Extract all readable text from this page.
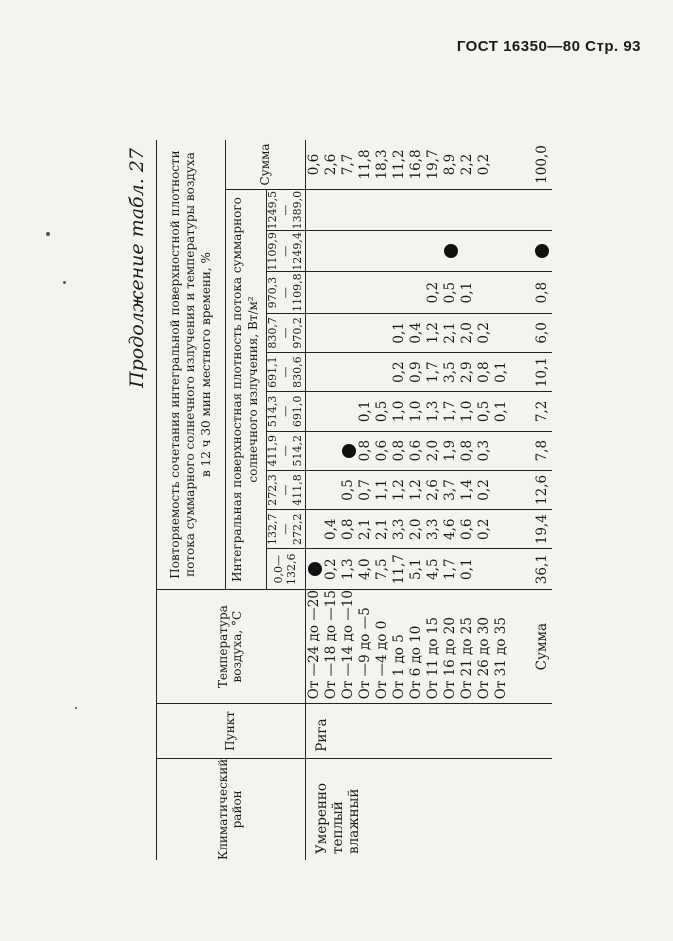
ГОСТ 16350—80 Стр. 93
Продолжение табл. 27
Климатический район	Пункт	Температура воздуха, °С	Повторяемость сочетания интегральной поверхностной плотности потока суммарного солнечного излучения и температуры воздуха в 12 ч 30 мин местного времени, %										
			Интегральная поверхностная плотность потока суммарного солнечного излучения, Вт/м²										Сумма
			0,0—132,6	132,7—272,2	272,3—411,8	411,9—514,2	514,3—691,0	691,1—830,6	830,7—970,2	970,3—1109,8	1109,9—1249,4	1249,5—1389,0	
Умеренно теплый влажный	Рига	От —24 до —20											0,6
		От —18 до —15	0,2	0,4									2,6
		От —14 до —10	1,3	0,8	0,5								7,7
		От —9 до —5	4,0	2,1	0,7	0,8	0,1						11,8
		От —4 до 0	7,5	2,1	1,1	0,6	0,5						18,3
		От 1 до 5	11,7	3,3	1,2	0,8	1,0	0,2	0,1				11,2
		От 6 до 10	5,1	2,0	1,2	0,6	1,0	0,9	0,4				16,8
		От 11 до 15	4,5	3,3	2,6	2,0	1,3	1,7	1,2	0,2			19,7
		От 16 до 20	1,7	4,6	3,7	1,9	1,7	3,5	2,1	0,5			8,9
		От 21 до 25	0,1	0,6	1,4	0,8	1,0	2,9	2,0	0,1			2,2
		От 26 до 30		0,2	0,2	0,3	0,5	0,8	0,2				0,2
		От 31 до 35					0,1	0,1					
		Сумма	36,1	19,4	12,6	7,8	7,2	10,1	6,0	0,8			100,0
